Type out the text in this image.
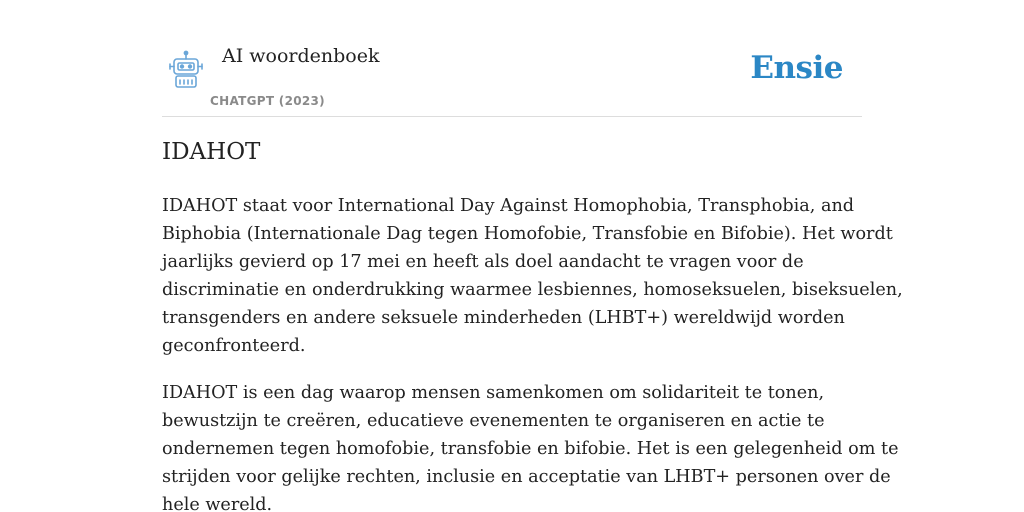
AI woordenboek
CHATGPT (2023)
Ensie
IDAHOT

IDAHOT staat voor International Day Against Homophobia, Transphobia, and
Biphobia (Internationale Dag tegen Homofobie, Transfobie en Bifobie). Het wordt
jaarlijks gevierd op 17 mei en heeft als doel aandacht te vragen voor de
discriminatie en onderdrukking waarmee lesbiennes, homoseksuelen, biseksuelen,
transgenders en andere seksuele minderheden (LHBT+) wereldwijd worden
geconfronteerd.

IDAHOT is een dag waarop mensen samenkomen om solidariteit te tonen,
bewustzijn te creëren, educatieve evenementen te organiseren en actie te
ondernemen tegen homofobie, transfobie en bifobie. Het is een gelegenheid om te
strijden voor gelijke rechten, inclusie en acceptatie van LHBT+ personen over de
hele wereld.
